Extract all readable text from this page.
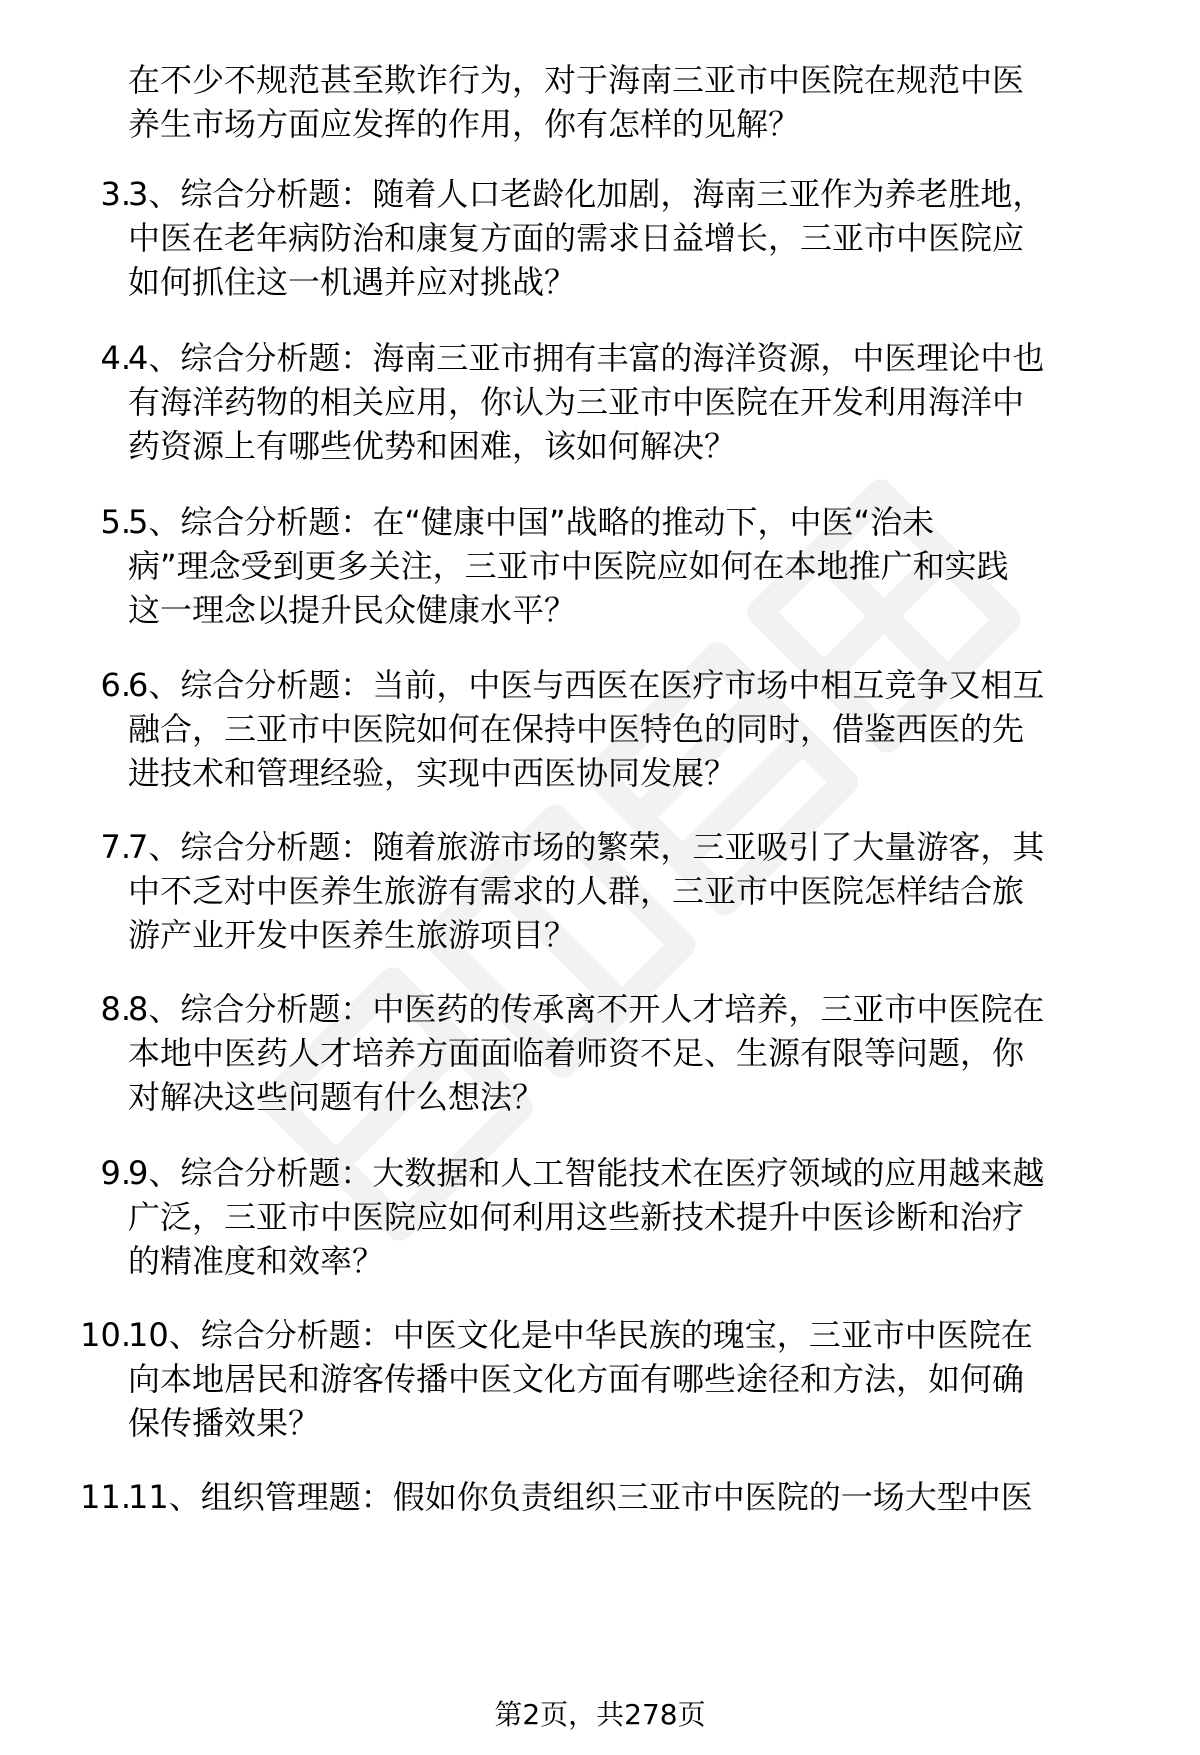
在不少不规范甚至欺诈行为，对于海南三亚市中医院在规范中医
养生市场方面应发挥的作用，你有怎样的见解？
3.
3、综合分析题：随着人口老龄化加剧，海南三亚作为养老胜地，
中医在老年病防治和康复方面的需求日益增长，三亚市中医院应
如何抓住这一机遇并应对挑战？
4.
4、综合分析题：海南三亚市拥有丰富的海洋资源，中医理论中也
有海洋药物的相关应用，你认为三亚市中医院在开发利用海洋中
药资源上有哪些优势和困难，该如何解决？
5.
5、综合分析题：在“健康中国”战略的推动下，中医“治未
病”理念受到更多关注，三亚市中医院应如何在本地推广和实践
这一理念以提升民众健康水平？
6.
6、综合分析题：当前，中医与西医在医疗市场中相互竞争又相互
融合，三亚市中医院如何在保持中医特色的同时，借鉴西医的先
进技术和管理经验，实现中西医协同发展？
7.
7、综合分析题：随着旅游市场的繁荣，三亚吸引了大量游客，其
中不乏对中医养生旅游有需求的人群，三亚市中医院怎样结合旅
游产业开发中医养生旅游项目？
8.
8、综合分析题：中医药的传承离不开人才培养，三亚市中医院在
本地中医药人才培养方面面临着师资不足、生源有限等问题，你
对解决这些问题有什么想法？
9.
9、综合分析题：大数据和人工智能技术在医疗领域的应用越来越
广泛，三亚市中医院应如何利用这些新技术提升中医诊断和治疗
的精准度和效率？
10.
10、综合分析题：中医文化是中华民族的瑰宝，三亚市中医院在
向本地居民和游客传播中医文化方面有哪些途径和方法，如何确
保传播效果？
11.
11、组织管理题：假如你负责组织三亚市中医院的一场大型中医
第2页，共278页
